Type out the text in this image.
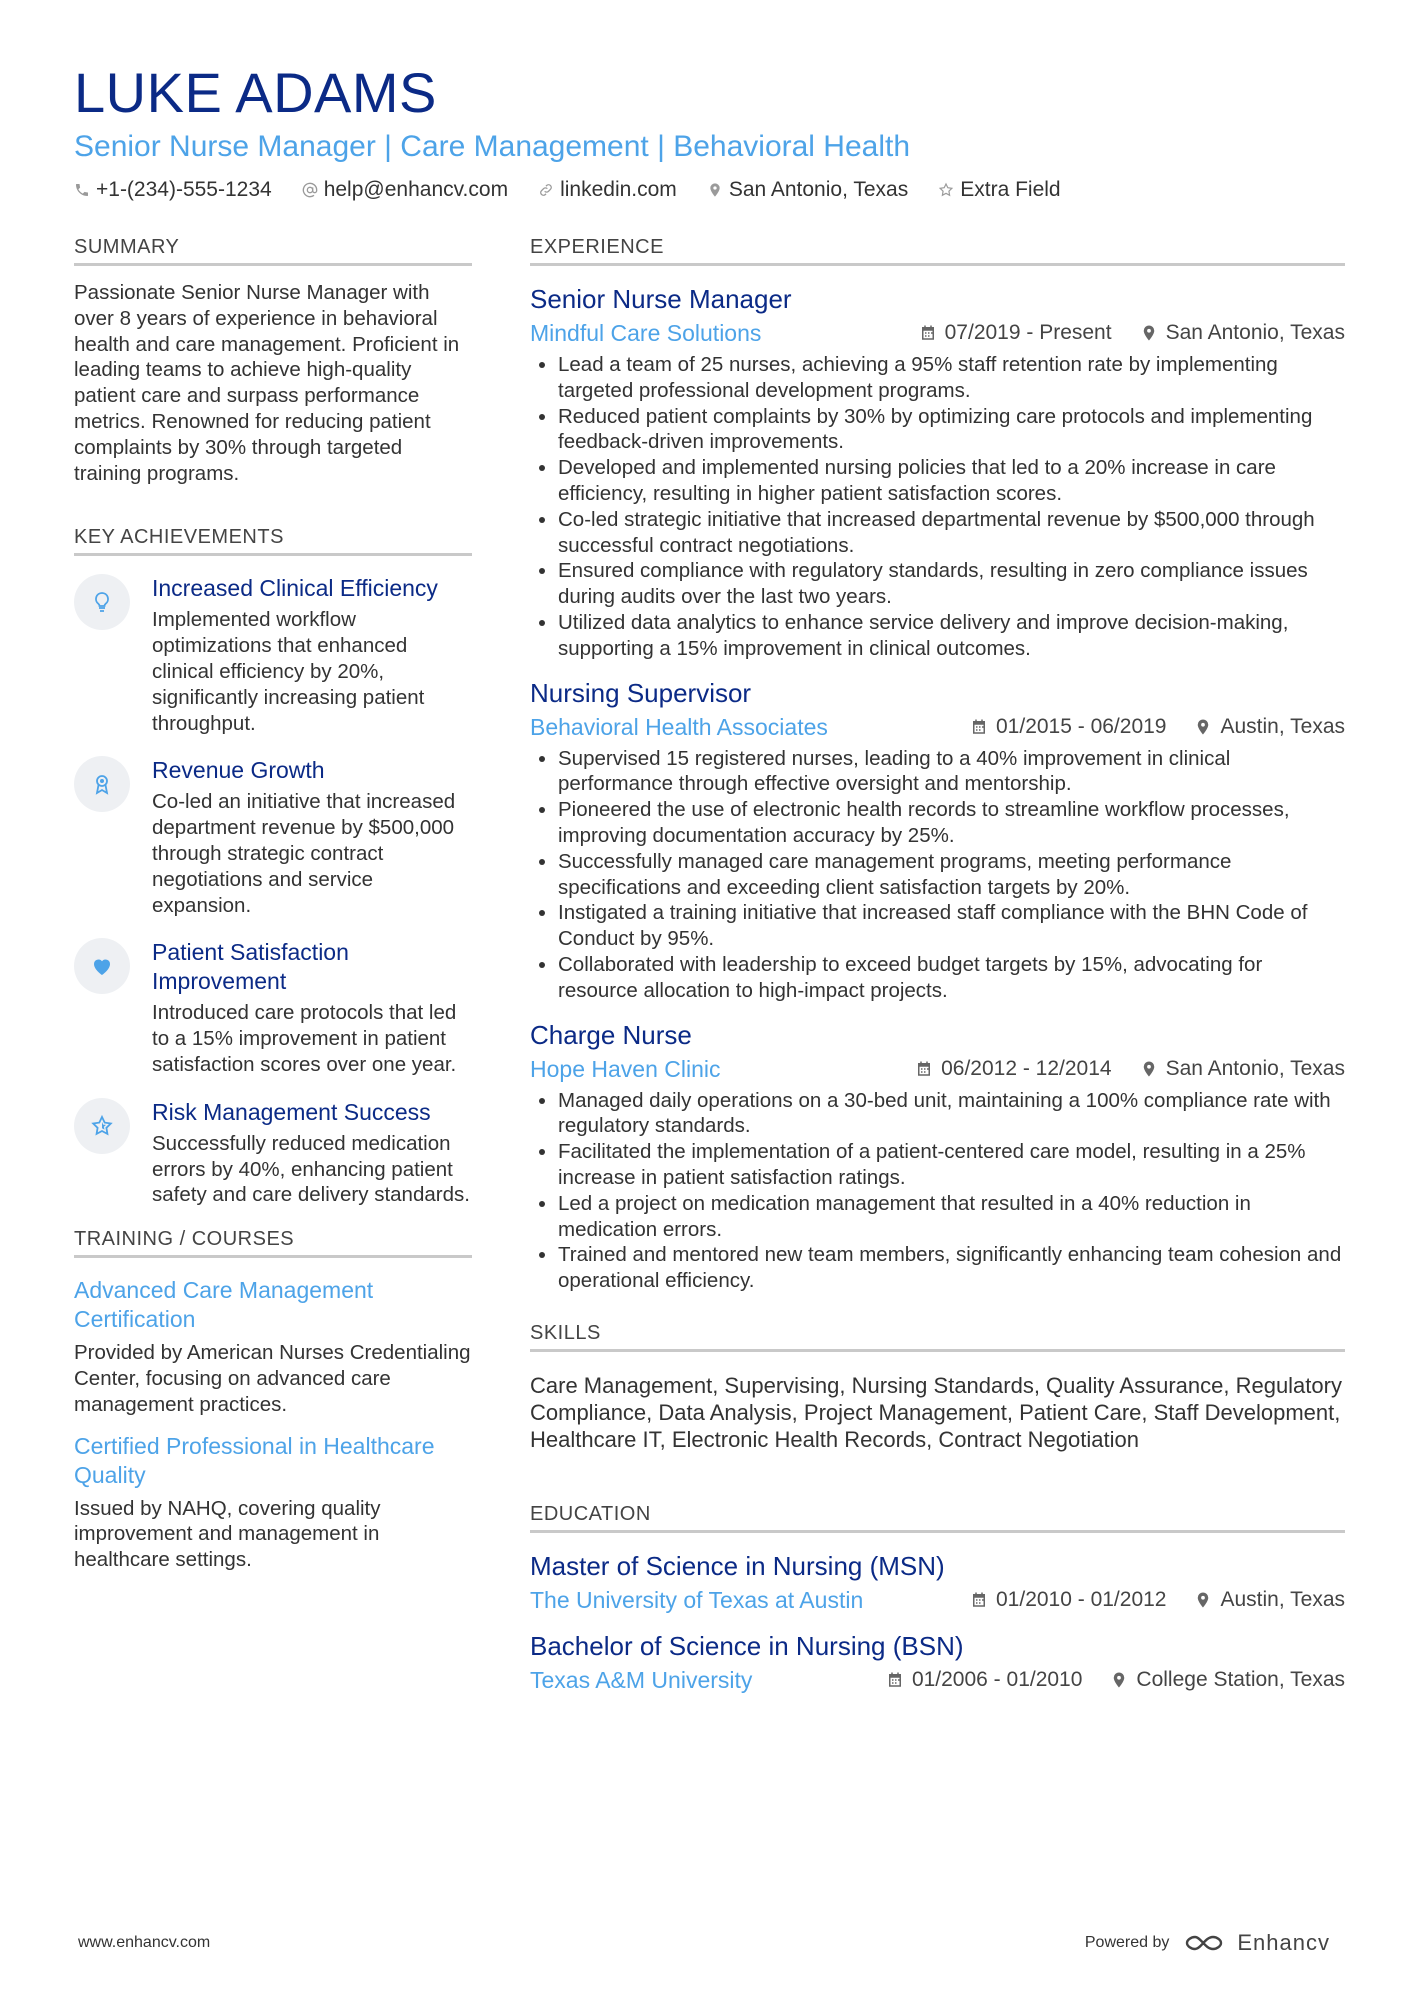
LUKE ADAMS
Senior Nurse Manager | Care Management | Behavioral Health
+1-(234)-555-1234 help@enhancv.com linkedin.com San Antonio, Texas Extra Field
SUMMARY
Passionate Senior Nurse Manager with over 8 years of experience in behavioral health and care management. Proficient in leading teams to achieve high-quality patient care and surpass performance metrics. Renowned for reducing patient complaints by 30% through targeted training programs.
KEY ACHIEVEMENTS
Increased Clinical Efficiency
Implemented workflow optimizations that enhanced clinical efficiency by 20%, significantly increasing patient throughput.
Revenue Growth
Co-led an initiative that increased department revenue by $500,000 through strategic contract negotiations and service expansion.
Patient Satisfaction Improvement
Introduced care protocols that led to a 15% improvement in patient satisfaction scores over one year.
Risk Management Success
Successfully reduced medication errors by 40%, enhancing patient safety and care delivery standards.
TRAINING / COURSES
Advanced Care Management Certification
Provided by American Nurses Credentialing Center, focusing on advanced care management practices.
Certified Professional in Healthcare Quality
Issued by NAHQ, covering quality improvement and management in healthcare settings.
EXPERIENCE
Senior Nurse Manager
Mindful Care Solutions	07/2019 - Present	San Antonio, Texas
• Lead a team of 25 nurses, achieving a 95% staff retention rate by implementing targeted professional development programs.
• Reduced patient complaints by 30% by optimizing care protocols and implementing feedback-driven improvements.
• Developed and implemented nursing policies that led to a 20% increase in care efficiency, resulting in higher patient satisfaction scores.
• Co-led strategic initiative that increased departmental revenue by $500,000 through successful contract negotiations.
• Ensured compliance with regulatory standards, resulting in zero compliance issues during audits over the last two years.
• Utilized data analytics to enhance service delivery and improve decision-making, supporting a 15% improvement in clinical outcomes.
Nursing Supervisor
Behavioral Health Associates	01/2015 - 06/2019	Austin, Texas
• Supervised 15 registered nurses, leading to a 40% improvement in clinical performance through effective oversight and mentorship.
• Pioneered the use of electronic health records to streamline workflow processes, improving documentation accuracy by 25%.
• Successfully managed care management programs, meeting performance specifications and exceeding client satisfaction targets by 20%.
• Instigated a training initiative that increased staff compliance with the BHN Code of Conduct by 95%.
• Collaborated with leadership to exceed budget targets by 15%, advocating for resource allocation to high-impact projects.
Charge Nurse
Hope Haven Clinic	06/2012 - 12/2014	San Antonio, Texas
• Managed daily operations on a 30-bed unit, maintaining a 100% compliance rate with regulatory standards.
• Facilitated the implementation of a patient-centered care model, resulting in a 25% increase in patient satisfaction ratings.
• Led a project on medication management that resulted in a 40% reduction in medication errors.
• Trained and mentored new team members, significantly enhancing team cohesion and operational efficiency.
SKILLS
Care Management, Supervising, Nursing Standards, Quality Assurance, Regulatory Compliance, Data Analysis, Project Management, Patient Care, Staff Development, Healthcare IT, Electronic Health Records, Contract Negotiation
EDUCATION
Master of Science in Nursing (MSN)
The University of Texas at Austin	01/2010 - 01/2012	Austin, Texas
Bachelor of Science in Nursing (BSN)
Texas A&M University	01/2006 - 01/2010	College Station, Texas
www.enhancv.com	Powered by	Enhancv
